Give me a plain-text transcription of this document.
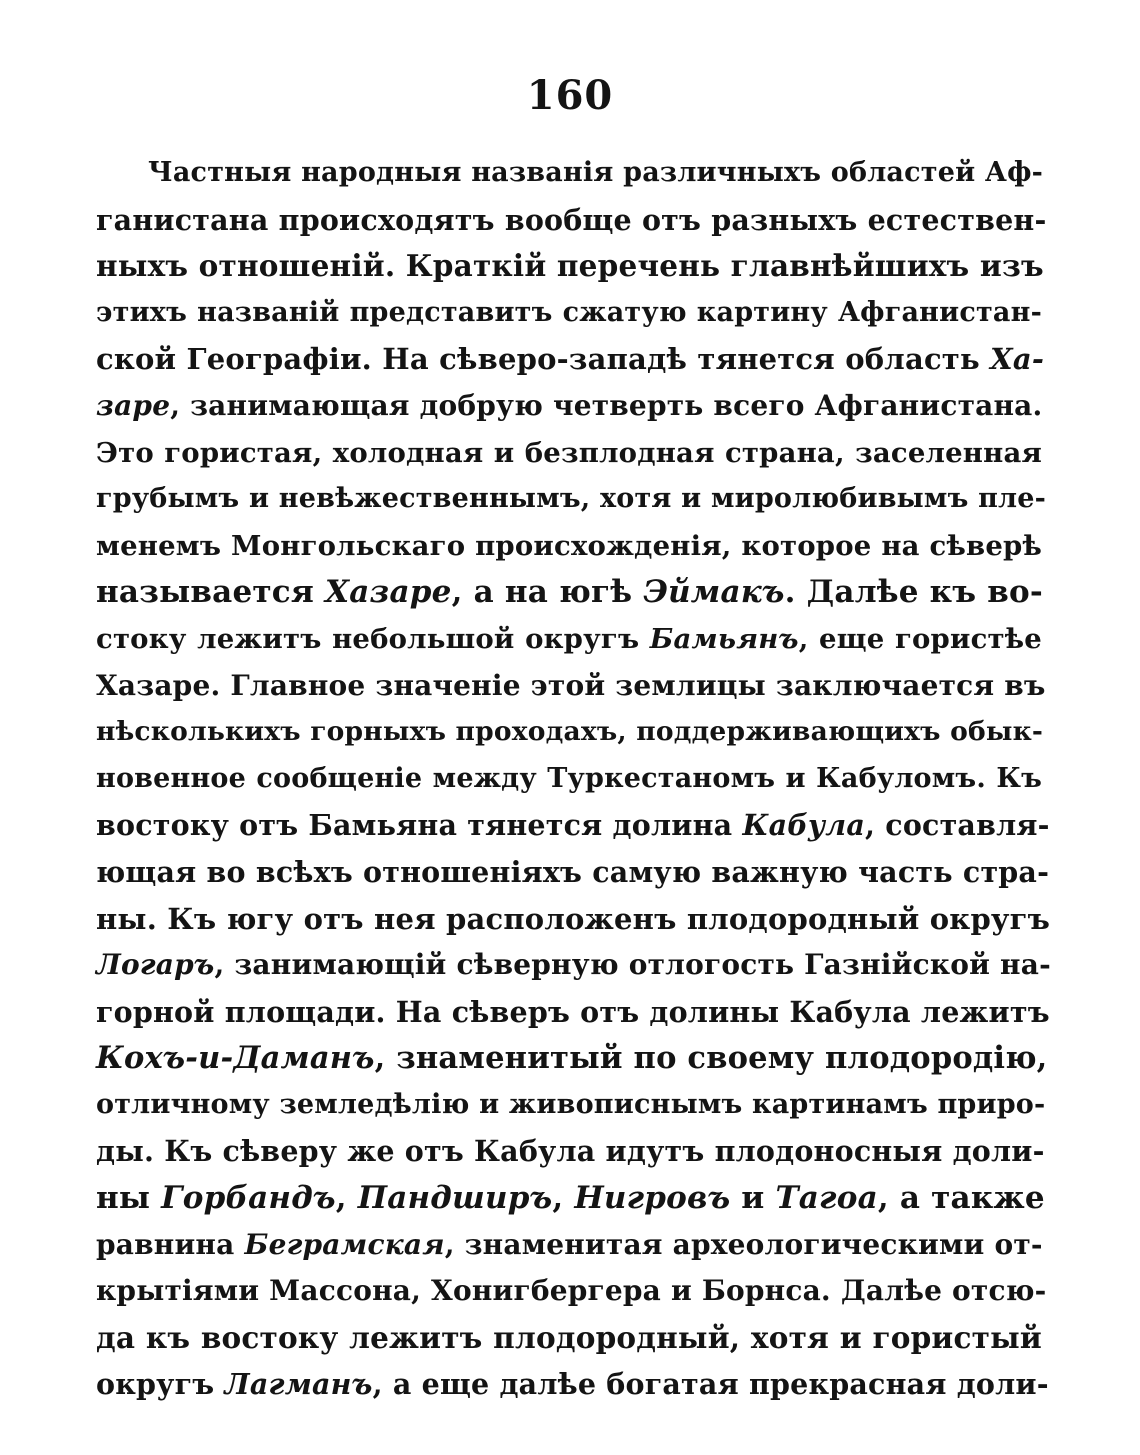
160
Частныя народныя названія различныхъ областей Аф-
ганистана происходятъ вообще отъ разныхъ естествен-
ныхъ отношеній. Краткій перечень главнѣйшихъ изъ
этихъ названій представитъ сжатую картину Афганистан-
ской Географіи. На сѣверо-западѣ тянется область Ха-
заре, занимающая добрую четверть всего Афганистана.
Это гористая, холодная и безплодная страна, заселенная
грубымъ и невѣжественнымъ, хотя и миролюбивымъ пле-
менемъ Монгольскаго происхожденія, которое на сѣверѣ
называется Хазаре, а на югѣ Эймакъ. Далѣе къ во-
стоку лежитъ небольшой округъ Бамьянъ, еще гористѣе
Хазаре. Главное значеніе этой землицы заключается въ
нѣсколькихъ горныхъ проходахъ, поддерживающихъ обык-
новенное сообщеніе между Туркестаномъ и Кабуломъ. Къ
востоку отъ Бамьяна тянется долина Кабула, составля-
ющая во всѣхъ отношеніяхъ самую важную часть стра-
ны. Къ югу отъ нея расположенъ плодородный округъ
Логаръ, занимающій сѣверную отлогость Газнійской на-
горной площади. На сѣверъ отъ долины Кабула лежитъ
Кохъ-и-Даманъ, знаменитый по своему плодородію,
отличному земледѣлію и живописнымъ картинамъ приро-
ды. Къ сѣверу же отъ Кабула идутъ плодоносныя доли-
ны Горбандъ, Пандширъ, Нигровъ и Тагоа, а также
равнина Беграмская, знаменитая археологическими от-
крытіями Массона, Хонигбергера и Борнса. Далѣе отсю-
да къ востоку лежитъ плодородный, хотя и гористый
округъ Лагманъ, а еще далѣе богатая прекрасная доли-
